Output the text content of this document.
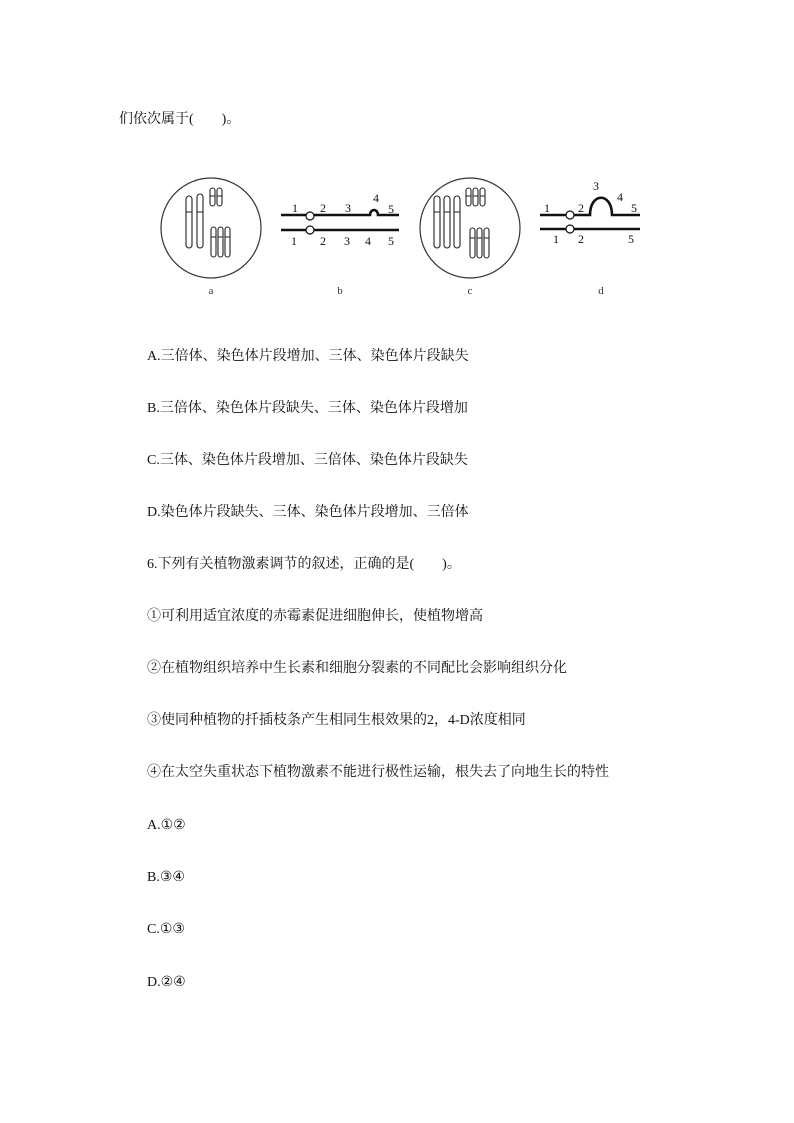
们依次属于(　　)。
a
1 2 3
4
5
1 2 3 4 5
b	c
1 2
3
4
5
1 2	5
d
A.三倍体、染色体片段增加、三体、染色体片段缺失
B.三倍体、染色体片段缺失、三体、染色体片段增加
C.三体、染色体片段增加、三倍体、染色体片段缺失
D.染色体片段缺失、三体、染色体片段增加、三倍体
6.下列有关植物激素调节的叙述，正确的是(　　)。
①可利用适宜浓度的赤霉素促进细胞伸长，使植物增高
②在植物组织培养中生长素和细胞分裂素的不同配比会影响组织分化
③使同种植物的扦插枝条产生相同生根效果的2，4-D浓度相同
④在太空失重状态下植物激素不能进行极性运输，根失去了向地生长的特性
A.①②
B.③④
C.①③
D.②④
